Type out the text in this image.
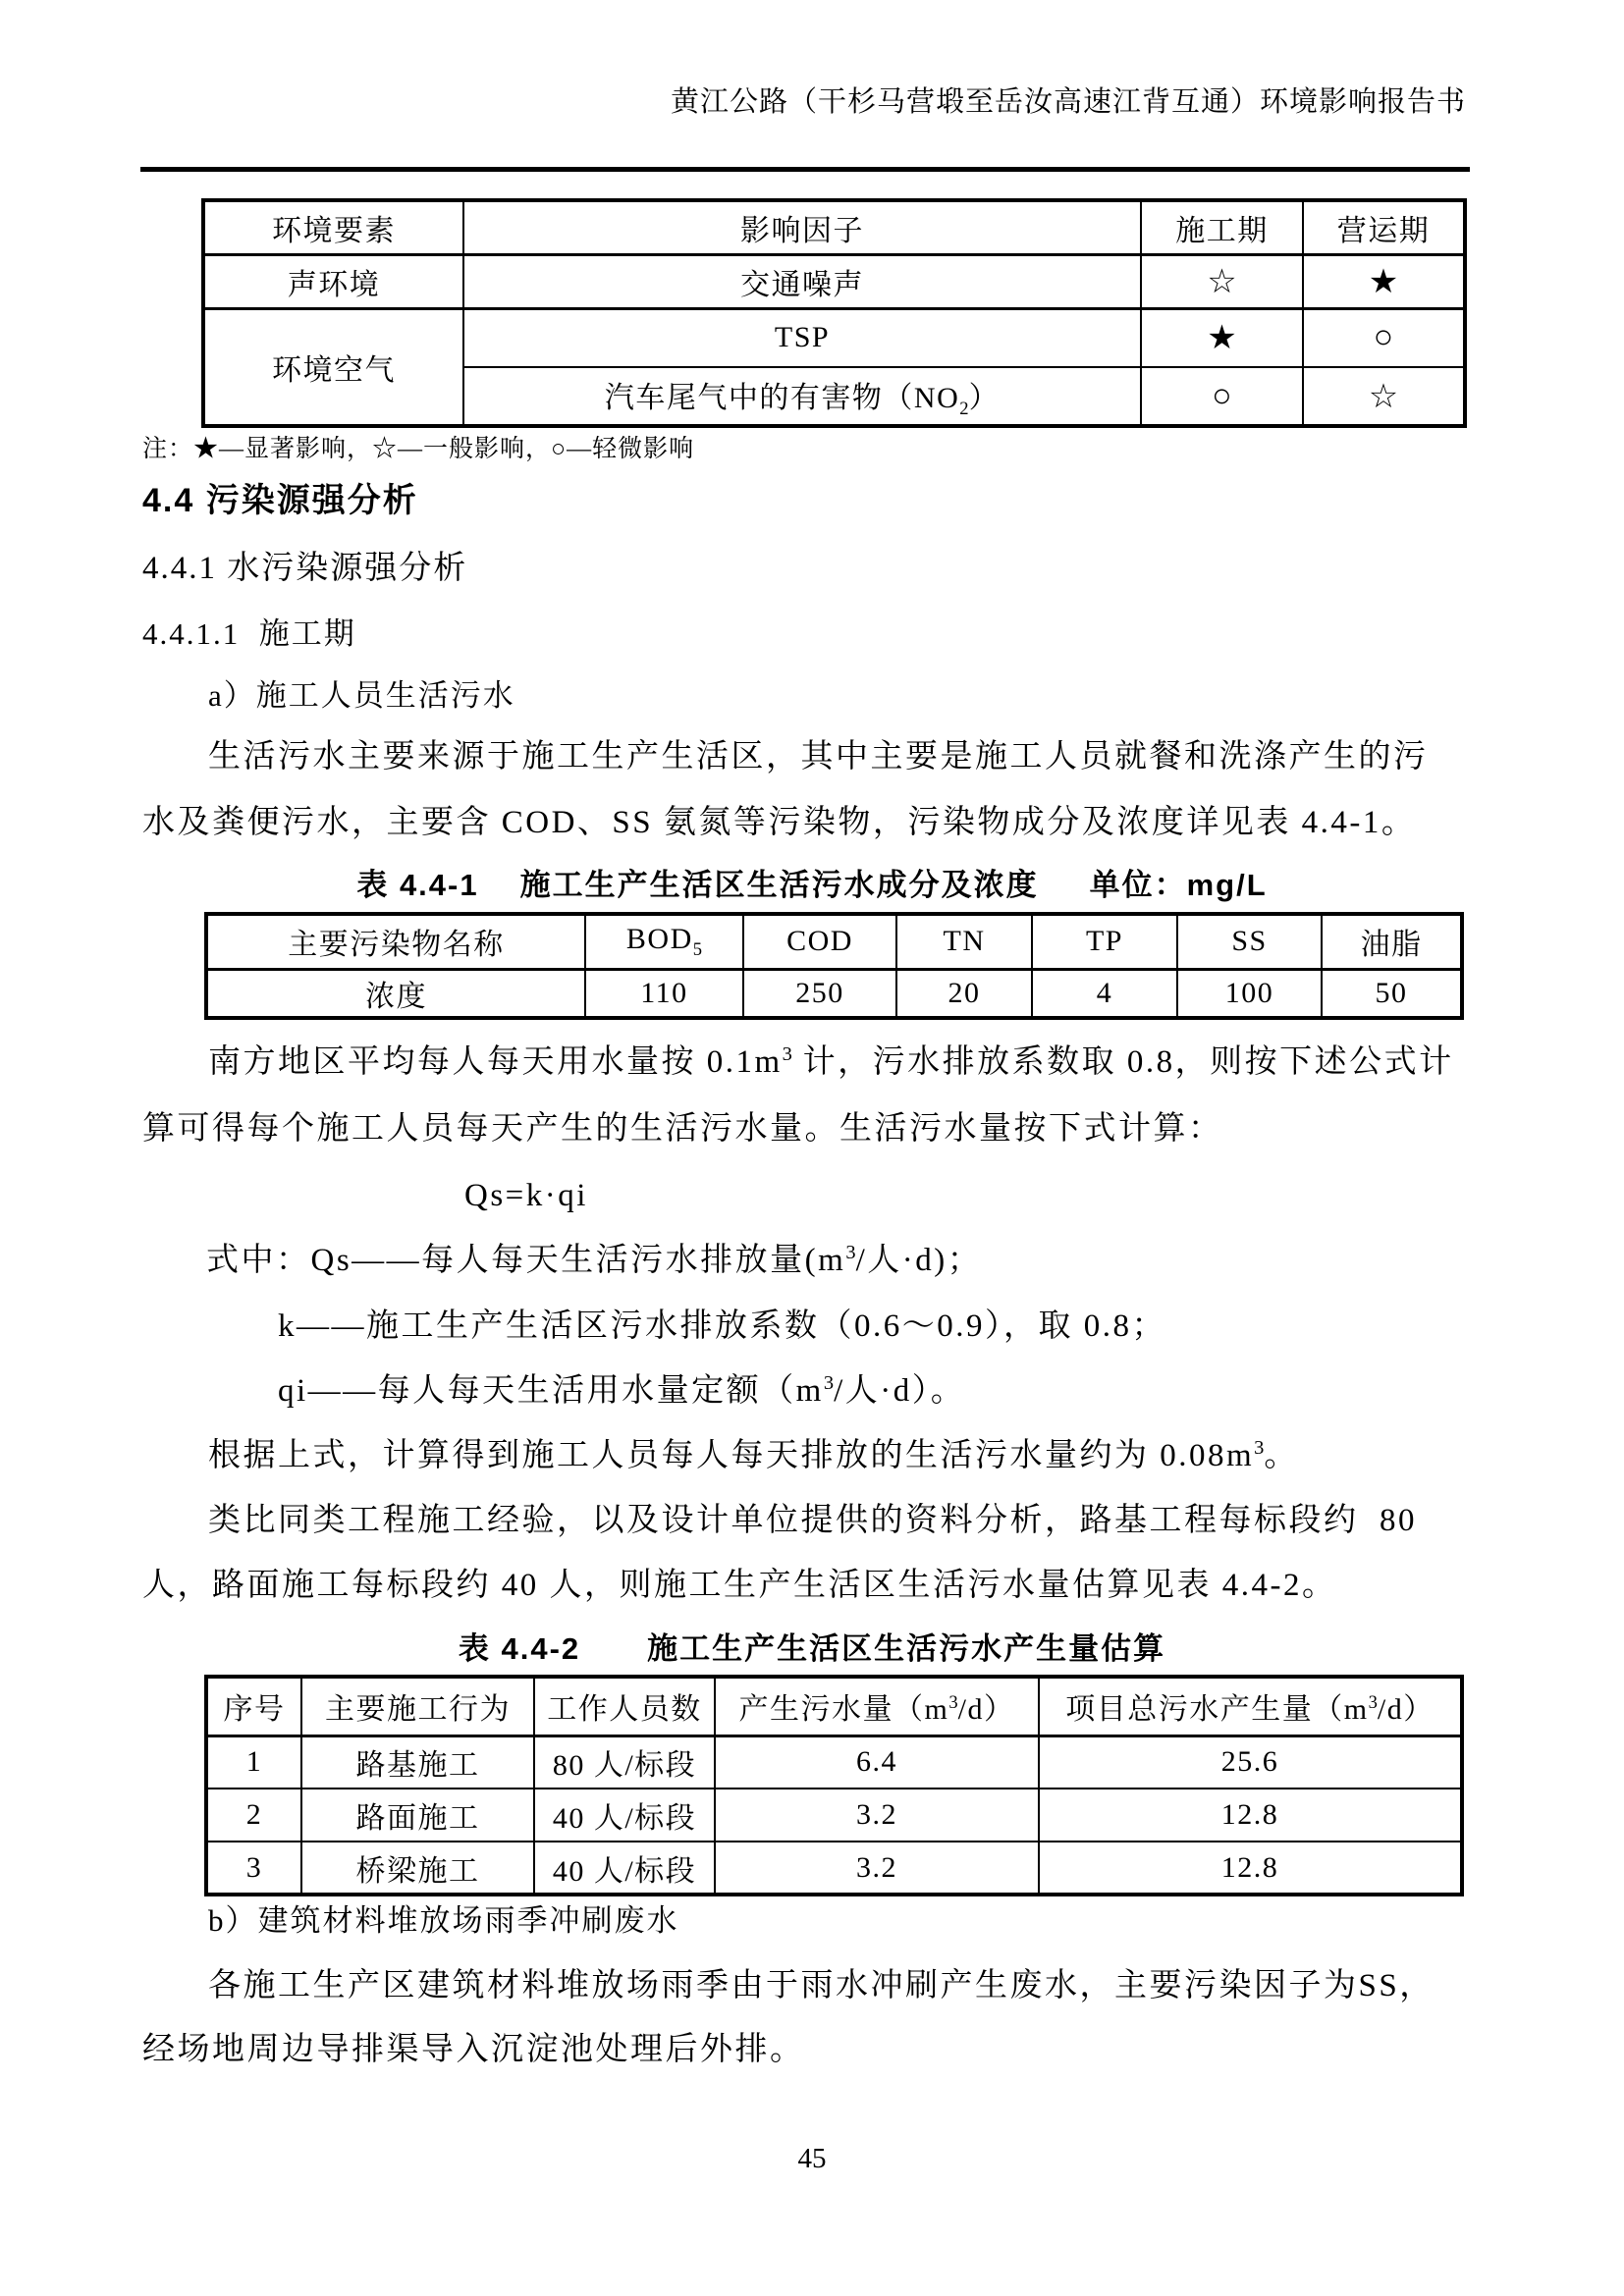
黄江公路（干杉马营塅至岳汝高速江背互通）环境影响报告书
环境要素	影响因子	施工期	营运期
声环境	交通噪声	☆	★
环境空气	TSP	★	○
	汽车尾气中的有害物$(NO_2)$	○	☆
注：★—显著影响，☆—一般影响，○—轻微影响
4.4 污染源强分析
4.4.1 水污染源强分析
4.4.1.1  施工期
a）施工人员生活污水
生活污水主要来源于施工生产生活区，其中主要是施工人员就餐和洗涤产生的污
水及粪便污水，主要含 COD、SS 氨氮等污染物，污染物成分及浓度详见表 4.4-1。
表 4.4-1 施工生产生活区生活污水成分及浓度 单位：mg/L
主要污染物名称	$BOD_5$	COD	TN	TP	SS	油脂
浓度	110	250	20	4	100	50
南方地区平均每人每天用水量按 $0.1m^3$ 计，污水排放系数取 0.8，则按下述公式计
算可得每个施工人员每天产生的生活污水量。生活污水量按下式计算：
Qs=k·qi
式中：Qs——每人每天生活污水排放量($m^3/$人·d)；
k——施工生产生活区污水排放系数（0.6～0.9），取 0.8；
qi——每人每天生活用水量定额（$m^3/$人·d）。
根据上式，计算得到施工人员每人每天排放的生活污水量约为 $0.08m^3$。
类比同类工程施工经验，以及设计单位提供的资料分析，路基工程每标段约  80
人，路面施工每标段约 40 人，则施工生产生活区生活污水量估算见表 4.4-2。
表 4.4-2 施工生产生活区生活污水产生量估算
序号	主要施工行为	工作人员数	产生污水量$(m^3/d)$	项目总污水产生量$(m^3/d)$
1	路基施工	80 人/标段	6.4	25.6
2	路面施工	40 人/标段	3.2	12.8
3	桥梁施工	40 人/标段	3.2	12.8
b）建筑材料堆放场雨季冲刷废水
各施工生产区建筑材料堆放场雨季由于雨水冲刷产生废水，主要污染因子为SS，
经场地周边导排渠导入沉淀池处理后外排。
45
